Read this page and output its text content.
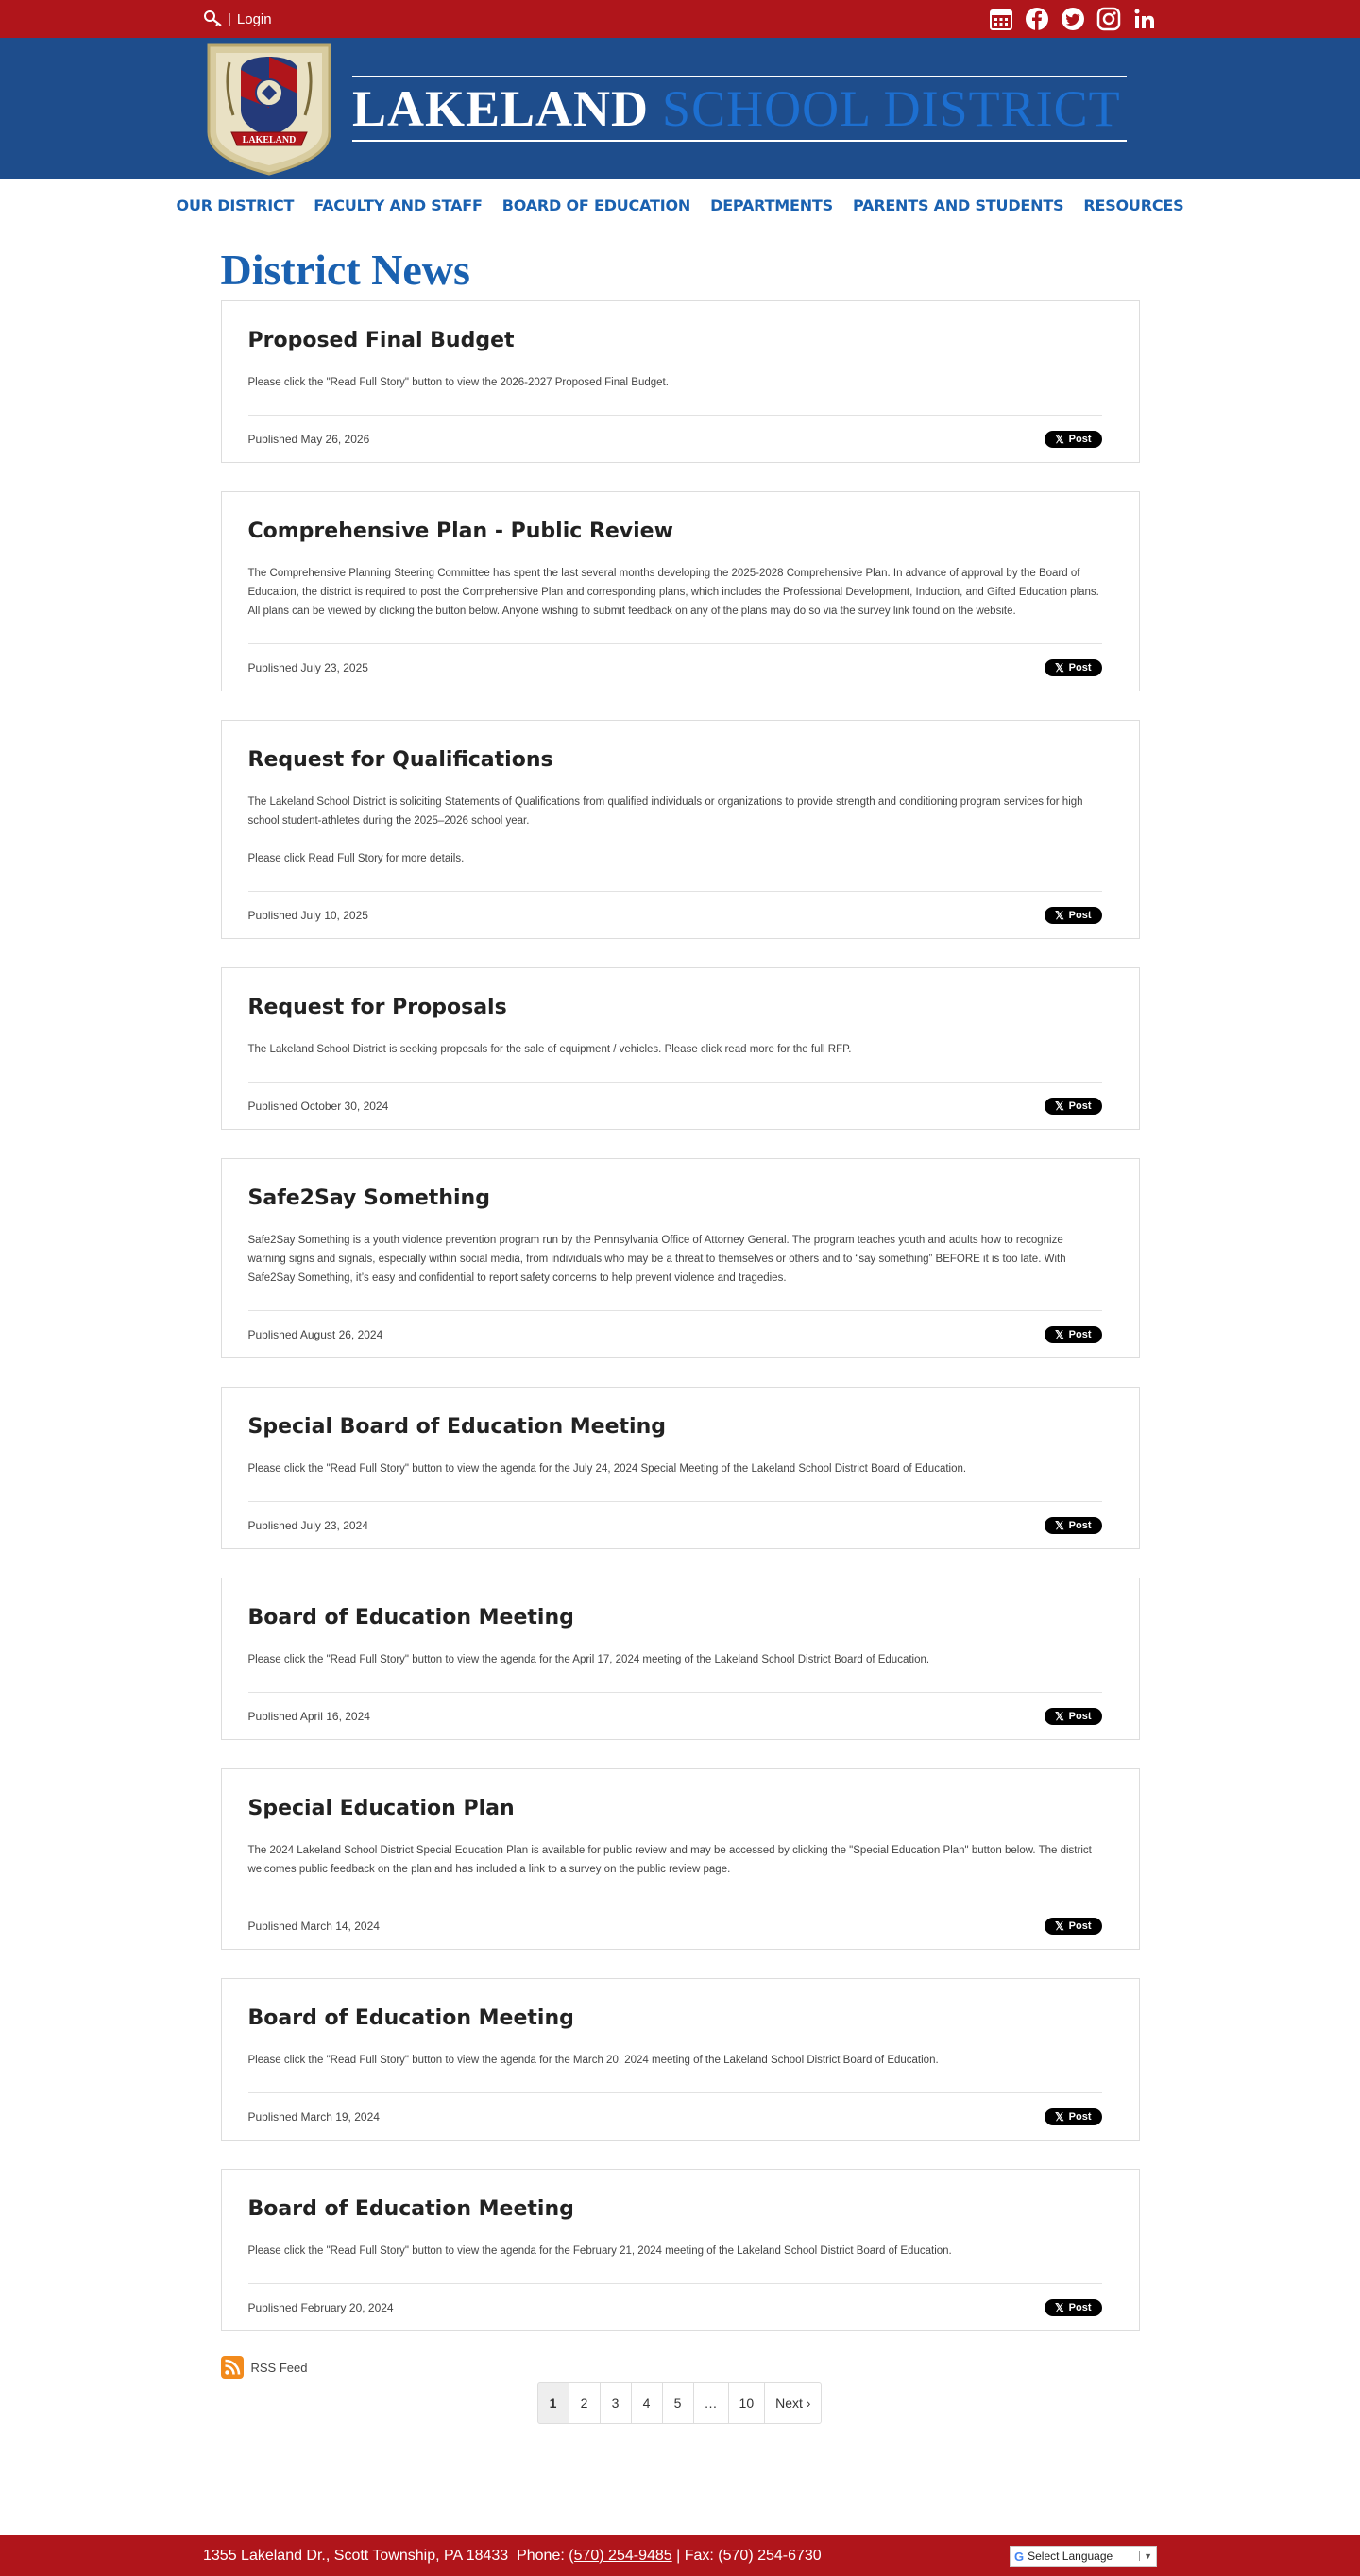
| Login
LAKELAND
LAKELAND SCHOOL DISTRICT
OUR DISTRICT FACULTY AND STAFF BOARD OF EDUCATION DEPARTMENTS PARENTS AND STUDENTS RESOURCES
District News
Proposed Final Budget

Please click the "Read Full Story" button to view the 2026-2027 Proposed Final Budget.

Published May 26, 2026	𝕏 Post
Comprehensive Plan - Public Review

The Comprehensive Planning Steering Committee has spent the last several months developing the 2025-2028 Comprehensive Plan. In advance of approval by the Board of Education, the district is required to post the Comprehensive Plan and corresponding plans, which includes the Professional Development, Induction, and Gifted Education plans. All plans can be viewed by clicking the button below. Anyone wishing to submit feedback on any of the plans may do so via the survey link found on the website.

Published July 23, 2025	𝕏 Post
Request for Qualifications

The Lakeland School District is soliciting Statements of Qualifications from qualified individuals or organizations to provide strength and conditioning program services for high school student-athletes during the 2025–2026 school year.

Please click Read Full Story for more details.

Published July 10, 2025	𝕏 Post
Request for Proposals

The Lakeland School District is seeking proposals for the sale of equipment / vehicles. Please click read more for the full RFP.

Published October 30, 2024	𝕏 Post
Safe2Say Something

Safe2Say Something is a youth violence prevention program run by the Pennsylvania Office of Attorney General. The program teaches youth and adults how to recognize warning signs and signals, especially within social media, from individuals who may be a threat to themselves or others and to “say something” BEFORE it is too late. With Safe2Say Something, it’s easy and confidential to report safety concerns to help prevent violence and tragedies.

Published August 26, 2024	𝕏 Post
Special Board of Education Meeting

Please click the "Read Full Story" button to view the agenda for the July 24, 2024 Special Meeting of the Lakeland School District Board of Education.

Published July 23, 2024	𝕏 Post
Board of Education Meeting

Please click the "Read Full Story" button to view the agenda for the April 17, 2024 meeting of the Lakeland School District Board of Education.

Published April 16, 2024	𝕏 Post
Special Education Plan

The 2024 Lakeland School District Special Education Plan is available for public review and may be accessed by clicking the "Special Education Plan" button below. The district welcomes public feedback on the plan and has included a link to a survey on the public review page.

Published March 14, 2024	𝕏 Post
Board of Education Meeting

Please click the "Read Full Story" button to view the agenda for the March 20, 2024 meeting of the Lakeland School District Board of Education.

Published March 19, 2024	𝕏 Post
Board of Education Meeting

Please click the "Read Full Story" button to view the agenda for the February 21, 2024 meeting of the Lakeland School District Board of Education.

Published February 20, 2024	𝕏 Post
RSS Feed
1	2	3	4	5	…	10	Next ›
1355 Lakeland Dr., Scott Township, PA 18433 Phone: (570) 254-9485 | Fax: (570) 254-6730	G Select Language	▼
